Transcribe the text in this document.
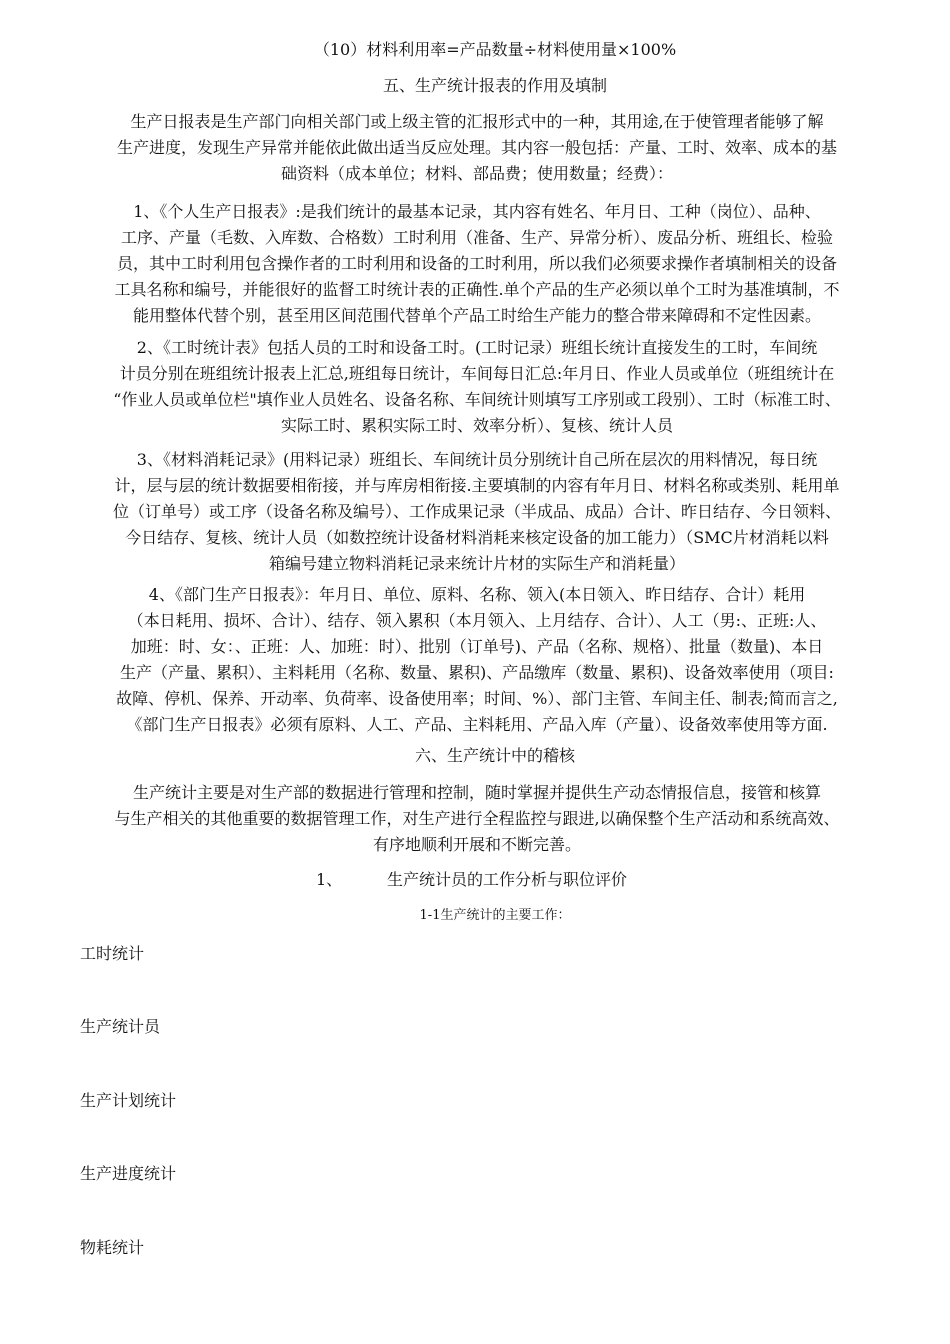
（10）材料利用率=产品数量÷材料使用量×100%

五、生产统计报表的作用及填制

生产日报表是生产部门向相关部门或上级主管的汇报形式中的一种，其用途,在于使管理者能够了解
生产进度，发现生产异常并能依此做出适当反应处理。其内容一般包括：产量、工时、效率、成本的基
础资料（成本单位；材料、部品费；使用数量；经费）：
1、《个人生产日报表》:是我们统计的最基本记录，其内容有姓名、年月日、工种（岗位）、品种、
工序、产量（毛数、入库数、合格数）工时利用（准备、生产、异常分析）、废品分析、班组长、检验
员，其中工时利用包含操作者的工时利用和设备的工时利用，所以我们必须要求操作者填制相关的设备
工具名称和编号，并能很好的监督工时统计表的正确性.单个产品的生产必须以单个工时为基准填制，不
能用整体代替个别，甚至用区间范围代替单个产品工时给生产能力的整合带来障碍和不定性因素。
2、《工时统计表》包括人员的工时和设备工时。(工时记录）班组长统计直接发生的工时，车间统
计员分别在班组统计报表上汇总,班组每日统计，车间每日汇总:年月日、作业人员或单位（班组统计在
“作业人员或单位栏"填作业人员姓名、设备名称、车间统计则填写工序别或工段别）、工时（标准工时、
实际工时、累积实际工时、效率分析）、复核、统计人员
3、《材料消耗记录》(用料记录）班组长、车间统计员分别统计自己所在层次的用料情况，每日统
计，层与层的统计数据要相衔接，并与库房相衔接.主要填制的内容有年月日、材料名称或类别、耗用单
位（订单号）或工序（设备名称及编号）、工作成果记录（半成品、成品）合计、昨日结存、今日领料、
今日结存、复核、统计人员（如数控统计设备材料消耗来核定设备的加工能力）（SMC片材消耗以料
箱编号建立物料消耗记录来统计片材的实际生产和消耗量）
4、《部门生产日报表》：年月日、单位、原料、名称、领入(本日领入、昨日结存、合计）耗用
（本日耗用、损坏、合计）、结存、领入累积（本月领入、上月结存、合计）、人工（男:、正班:人、
加班：时、女：、正班：人、加班：时）、批别（订单号)、产品（名称、规格）、批量（数量)、本日
生产（产量、累积）、主料耗用（名称、数量、累积)、产品缴库（数量、累积)、设备效率使用（项目:
故障、停机、保养、开动率、负荷率、设备使用率；时间、%）、部门主管、车间主任、制表;简而言之,
《部门生产日报表》必须有原料、人工、产品、主料耗用、产品入库（产量）、设备效率使用等方面.

六、生产统计中的稽核

生产统计主要是对生产部的数据进行管理和控制，随时掌握并提供生产动态情报信息，接管和核算
与生产相关的其他重要的数据管理工作，对生产进行全程监控与跟进,以确保整个生产活动和系统高效、
有序地顺利开展和不断完善。
1、	生产统计员的工作分析与职位评价

1-1生产统计的主要工作：

工时统计

生产统计员

生产计划统计

生产进度统计

物耗统计
